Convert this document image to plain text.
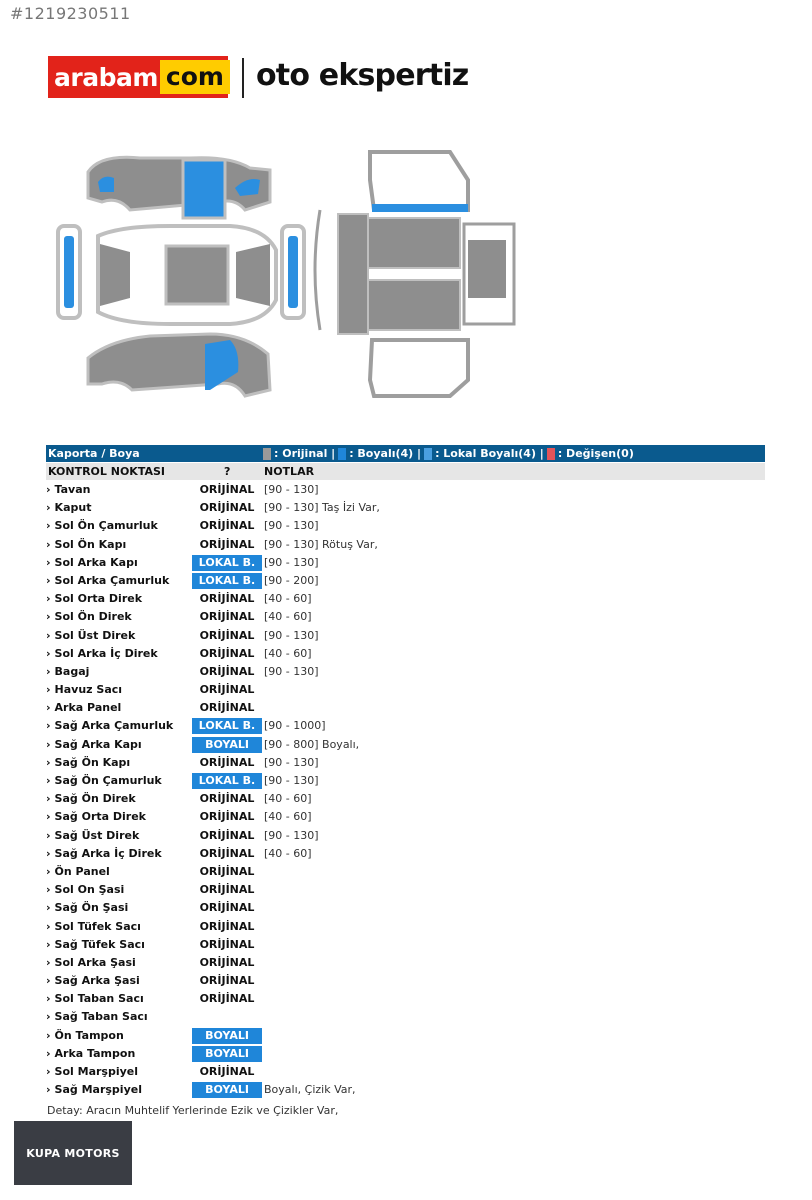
#1219230511
arabam com oto ekspertiz
Kaporta / Boya	: Orijinal | : Boyalı(4) | : Lokal Boyalı(4) | : Değişen(0)
KONTROL NOKTASI	?	NOTLAR
› Tavan	ORİJİNAL [90 - 130]
› Kaput	ORİJİNAL [90 - 130] Taş İzi Var,
› Sol Ön Çamurluk	ORİJİNAL [90 - 130]
› Sol Ön Kapı	ORİJİNAL [90 - 130] Rötuş Var,
› Sol Arka Kapı	LOKAL B. [90 - 130]
› Sol Arka Çamurluk	LOKAL B. [90 - 200]
› Sol Orta Direk	ORİJİNAL [40 - 60]
› Sol Ön Direk	ORİJİNAL [40 - 60]
› Sol Üst Direk	ORİJİNAL [90 - 130]
› Sol Arka İç Direk	ORİJİNAL [40 - 60]
› Bagaj	ORİJİNAL [90 - 130]
› Havuz Sacı	ORİJİNAL
› Arka Panel	ORİJİNAL
› Sağ Arka Çamurluk	LOKAL B. [90 - 1000]
› Sağ Arka Kapı	BOYALI	[90 - 800] Boyalı,
› Sağ Ön Kapı	ORİJİNAL [90 - 130]
› Sağ Ön Çamurluk	LOKAL B. [90 - 130]
› Sağ Ön Direk	ORİJİNAL [40 - 60]
› Sağ Orta Direk	ORİJİNAL [40 - 60]
› Sağ Üst Direk	ORİJİNAL [90 - 130]
› Sağ Arka İç Direk	ORİJİNAL [40 - 60]
› Ön Panel	ORİJİNAL
› Sol On Şasi	ORİJİNAL
› Sağ Ön Şasi	ORİJİNAL
› Sol Tüfek Sacı	ORİJİNAL
› Sağ Tüfek Sacı	ORİJİNAL
› Sol Arka Şasi	ORİJİNAL
› Sağ Arka Şasi	ORİJİNAL
› Sol Taban Sacı	ORİJİNAL
› Sağ Taban Sacı
› Ön Tampon	BOYALI
› Arka Tampon	BOYALI
› Sol Marşpiyel	ORİJİNAL
› Sağ Marşpiyel	BOYALI	Boyalı, Çizik Var,
Detay: Aracın Muhtelif Yerlerinde Ezik ve Çizikler Var,
KUPA MOTORS
